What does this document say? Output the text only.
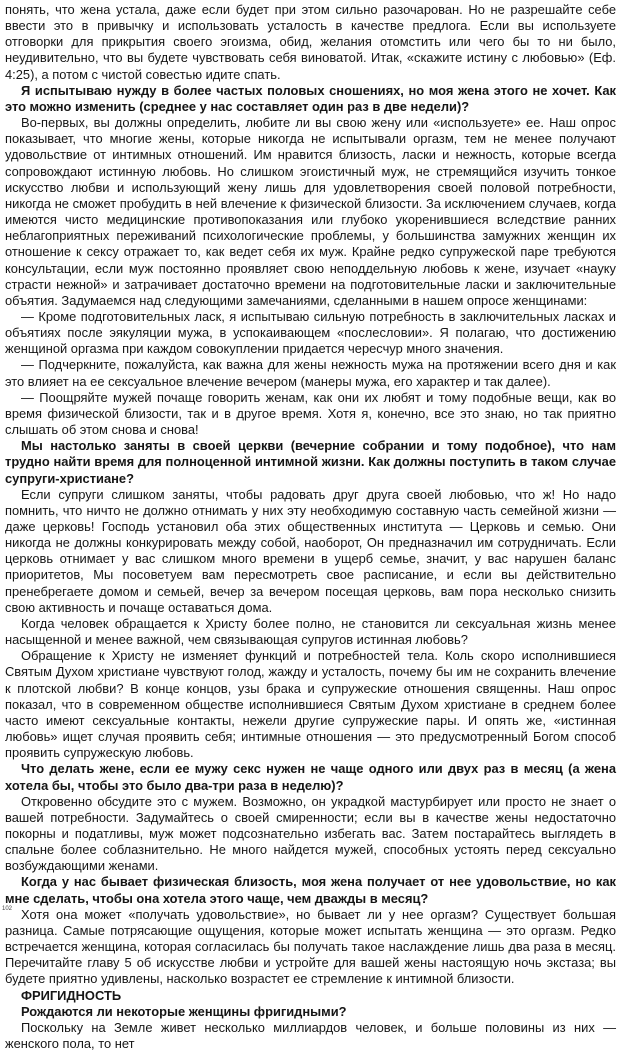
понять, что жена устала, даже если будет при этом сильно разочарован. Но не разрешайте себе ввести это в привычку и использовать усталость в качестве предлога. Если вы используете отговорки для прикрытия своего эгоизма, обид, желания отомстить или чего бы то ни было, неудивительно, что вы будете чувствовать себя виноватой. Итак, «скажите истину с любовью» (Еф. 4:25), а потом с чистой совестью идите спать.

Я испытываю нужду в более частых половых сношениях, но моя жена этого не хочет. Как это можно изменить (среднее у нас составляет один раз в две недели)?

Во-первых, вы должны определить, любите ли вы свою жену или «используете» ее. Наш опрос показывает, что многие жены, которые никогда не испытывали оргазм, тем не менее получают удовольствие от интимных отношений. Им нравится близость, ласки и нежность, которые всегда сопровождают истинную любовь. Но слишком эгоистичный муж, не стремящийся изучить тонкое искусство любви и использующий жену лишь для удовлетворения своей половой потребности, никогда не сможет пробудить в ней влечение к физической близости. За исключением случаев, когда имеются чисто медицинские противопоказания или глубоко укоренившиеся вследствие ранних неблагоприятных переживаний психологические проблемы, у большинства замужних женщин их отношение к сексу отражает то, как ведет себя их муж. Крайне редко супружеской паре требуются консультации, если муж постоянно проявляет свою неподдельную любовь к жене, изучает «науку страсти нежной» и затрачивает достаточно времени на подготовительные ласки и заключительные объятия. Задумаемся над следующими замечаниями, сделанными в нашем опросе женщинами:

— Кроме подготовительных ласк, я испытываю сильную потребность в заключительных ласках и объятиях после эякуляции мужа, в успокаивающем «послесловии». Я полагаю, что достижению женщиной оргазма при каждом совокуплении придается чересчур много значения.

— Подчеркните, пожалуйста, как важна для жены нежность мужа на протяжении всего дня и как это влияет на ее сексуальное влечение вечером (манеры мужа, его характер и так далее).

— Поощряйте мужей почаще говорить женам, как они их любят и тому подобные вещи, как во время физической близости, так и в другое время. Хотя я, конечно, все это знаю, но так приятно слышать об этом снова и снова!

Мы настолько заняты в своей церкви (вечерние собрании и тому подобное), что нам трудно найти время для полноценной интимной жизни. Как должны поступить в таком случае супруги-христиане?

Если супруги слишком заняты, чтобы радовать друг друга своей любовью, что ж! Но надо помнить, что ничто не должно отнимать у них эту необходимую составную часть семейной жизни — даже церковь! Господь установил оба этих общественных института — Церковь и семью. Они никогда не должны конкурировать между собой, наоборот, Он предназначил им сотрудничать. Если церковь отнимает у вас слишком много времени в ущерб семье, значит, у вас нарушен баланс приоритетов, Мы посоветуем вам пересмотреть свое расписание, и если вы действительно пренебрегаете домом и семьей, вечер за вечером посещая церковь, вам пора несколько снизить свою активность и почаще оставаться дома.

Когда человек обращается к Христу более полно, не становится ли сексуальная жизнь менее насыщенной и менее важной, чем связывающая супругов истинная любовь?

Обращение к Христу не изменяет функций и потребностей тела. Коль скоро исполнившиеся Святым Духом христиане чувствуют голод, жажду и усталость, почему бы им не сохранить влечение к плотской любви? В конце концов, узы брака и супружеские отношения священны. Наш опрос показал, что в современном обществе исполнившиеся Святым Духом христиане в среднем более часто имеют сексуальные контакты, нежели другие супружеские пары. И опять же, «истинная любовь» ищет случая проявить себя; интимные отношения — это предусмотренный Богом способ проявить супружескую любовь.

Что делать жене, если ее мужу секс нужен не чаще одного или двух раз в месяц (а жена хотела бы, чтобы это было два-три раза в неделю)?

Откровенно обсудите это с мужем. Возможно, он украдкой мастурбирует или просто не знает о вашей потребности. Задумайтесь о своей смиренности; если вы в качестве жены недостаточно покорны и податливы, муж может подсознательно избегать вас. Затем постарайтесь выглядеть в спальне более соблазнительно. Не много найдется мужей, способных устоять перед сексуально возбуждающими женами.

Когда у нас бывает физическая близость, моя жена получает от нее удовольствие, но как мне сделать, чтобы она хотела этого чаще, чем дважды в месяц?

Хотя она может «получать удовольствие», но бывает ли у нее оргазм? Существует большая разница. Самые потрясающие ощущения, которые может испытать женщина — это оргазм. Редко встречается женщина, которая согласилась бы получать такое наслаждение лишь два раза в месяц. Перечитайте главу 5 об искусстве любви и устройте для вашей жены настоящую ночь экстаза; вы будете приятно удивлены, насколько возрастет ее стремление к интимной близости.

ФРИГИДНОСТЬ

Рождаются ли некоторые женщины фригидными?

Поскольку на Земле живет несколько миллиардов человек, и больше половины из них — женского пола, то нет

102
